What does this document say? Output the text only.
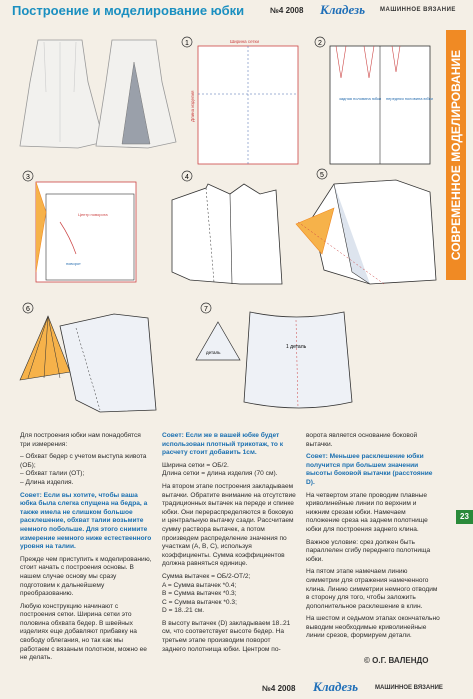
Построение и моделирование юбки	№4 2008 Кладезь МАШИННОЕ ВЯЗАНИЕ
СОВРЕМЕННОЕ МОДЕЛИРОВАНИЕ
23
1	Ширина сетки
Длина изделия
2
задняя половина юбки передняя половина юбки
3
Центр поворота
поворот
4	5
6	7
деталь
1 деталь

Для построения юбки нам понадобятся три измерения:

– Обхват бедер с учетом выступа живота (ОБ);

– Обхват талии (ОТ);

– Длина изделия.

Совет: Если вы хотите, чтобы ваша юбка была слегка спущена на бедра, а также имела не слишком большое расклешение, обхват талии возьмите немного побольше. Для этого снимите измерение немного ниже естественного уровня на талии.

Прежде чем приступить к моделированию, стоит начать с построения основы. В нашем случае основу мы сразу подготовим к дальнейшему преобразованию.

Любую конструкцию начинают с построения сетки. Ширина сетки это половина обхвата бедер. В швейных изделиях еще добавляют прибавку на свободу облегания, но так как мы работаем с вязаным полотном, можно ее не делать.

Совет: Если же в вашей юбке будет использован плотный трикотаж, то к расчету стоит добавить 1см.

Ширина сетки = ОБ/2.

Длина сетки = длина изделия (70 см).

На втором этапе построения закладываем вытачки. Обратите внимание на отсутствие традиционных вытачек на переде и спинке юбки. Они перераспределяются в боковую и центральную вытачку сзади. Рассчитаем сумму раствора вытачек, а потом произведем распределение значения по участкам (A, B, C), используя коэффициенты. Сумма коэффициентов должна равняться единице.

Сумма вытачек = ОБ/2-ОТ/2;

A = Сумма вытачек *0.4;

B = Сумма вытачек *0.3;

C = Сумма вытачек *0.3;

D = 18..21 см.

В высоту вытачек (D) закладываем 18..21 см, что соответствует высоте бедер. На третьем этапе производим поворот заднего полотнища юбки. Центром по-

ворота является основание боковой вытачки.

Совет: Меньшее расклешение юбки получится при большем значении высоты боковой вытачки (расстояние D).

На четвертом этапе проводим плавные криволинейные линии по верхним и нижним срезам юбки. Намечаем положение среза на заднем полотнище юбки для построения заднего клина.

Важное условие: срез должен быть параллелен сгибу переднего полотнища юбки.

На пятом этапе намечаем линию симметрии для отражения намеченного клина. Линию симметрии немного отводим в сторону для того, чтобы заложить дополнительное расклешение в клин.

На шестом и седьмом этапах окончательно выводим необходимые криволинейные линии срезов, формируем детали.

© О.Г. ВАЛЕНДО
№4 2008 Кладезь	МАШИННОЕ ВЯЗАНИЕ
